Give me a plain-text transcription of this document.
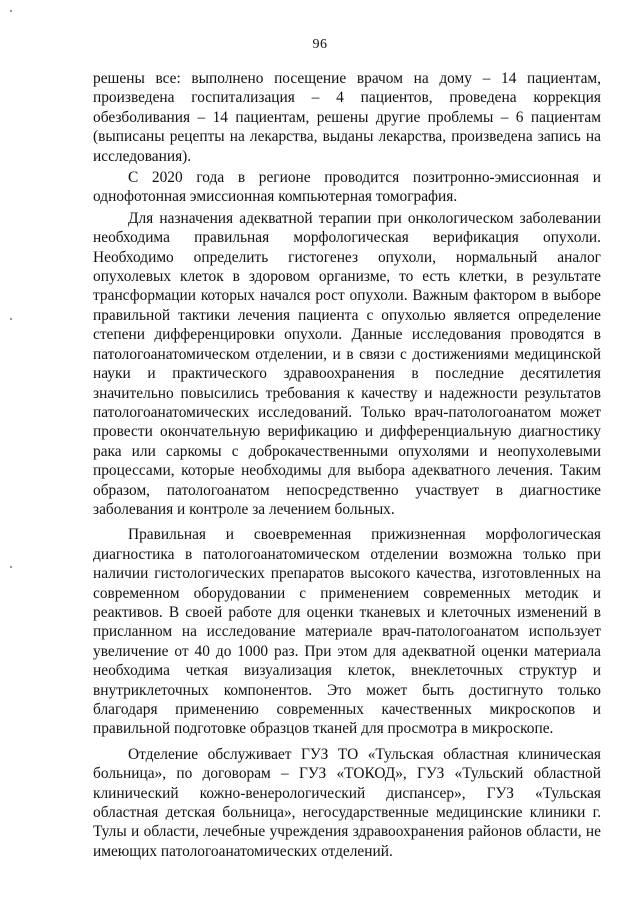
96

решены все: выполнено посещение врачом на дому – 14 пациентам, произведена госпитализация – 4 пациентов, проведена коррекция обезболивания – 14 пациентам, решены другие проблемы – 6 пациентам (выписаны рецепты на лекарства, выданы лекарства, произведена запись на исследования).

С 2020 года в регионе проводится позитронно-эмиссионная и однофотонная эмиссионная компьютерная томография.

Для назначения адекватной терапии при онкологическом заболевании необходима правильная морфологическая верификация опухоли. Необходимо определить гистогенез опухоли, нормальный аналог опухолевых клеток в здоровом организме, то есть клетки, в результате трансформации которых начался рост опухоли. Важным фактором в выборе правильной тактики лечения пациента с опухолью является определение степени дифференцировки опухоли. Данные исследования проводятся в патологоанатомическом отделении, и в связи с достижениями медицинской науки и практического здравоохранения в последние десятилетия значительно повысились требования к качеству и надежности результатов патологоанатомических исследований. Только врач-патологоанатом может провести окончательную верификацию и дифференциальную диагностику рака или саркомы с доброкачественными опухолями и неопухолевыми процессами, которые необходимы для выбора адекватного лечения. Таким образом, патологоанатом непосредственно участвует в диагностике заболевания и контроле за лечением больных.

Правильная и своевременная прижизненная морфологическая диагностика в патологоанатомическом отделении возможна только при наличии гистологических препаратов высокого качества, изготовленных на современном оборудовании с применением современных методик и реактивов. В своей работе для оценки тканевых и клеточных изменений в присланном на исследование материале врач-патологоанатом использует увеличение от 40 до 1000 раз. При этом для адекватной оценки материала необходима четкая визуализация клеток, внеклеточных структур и внутриклеточных компонентов. Это может быть достигнуто только благодаря применению современных качественных микроскопов и правильной подготовке образцов тканей для просмотра в микроскопе.

Отделение обслуживает ГУЗ ТО «Тульская областная клиническая больница», по договорам – ГУЗ «ТОКОД», ГУЗ «Тульский областной клинический кожно-венерологический диспансер», ГУЗ «Тульская областная детская больница», негосударственные медицинские клиники г. Тулы и области, лечебные учреждения здравоохранения районов области, не имеющих патологоанатомических отделений.
